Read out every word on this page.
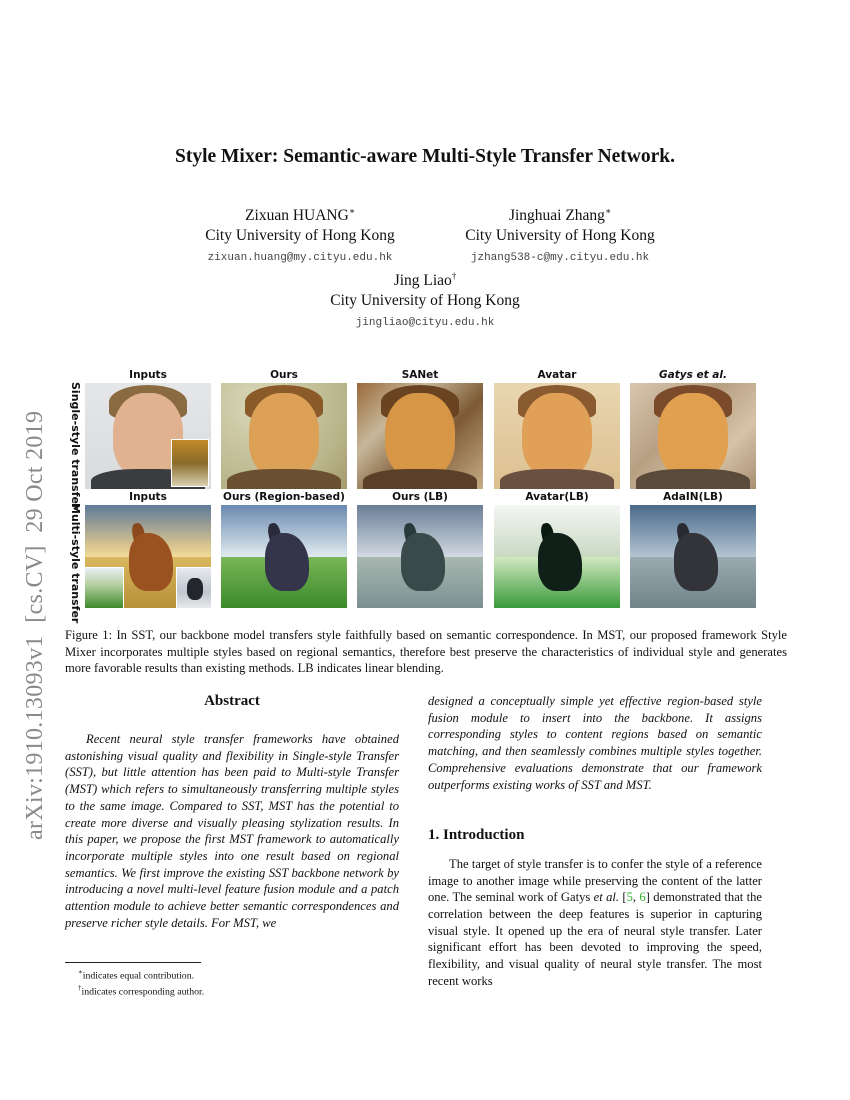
arXiv:1910.13093v1  [cs.CV]  29 Oct 2019
Style Mixer: Semantic-aware Multi-Style Transfer Network.
Zixuan HUANG∗
City University of Hong Kong
zixuan.huang@my.cityu.edu.hk
Jinghuai Zhang∗
City University of Hong Kong
jzhang538-c@my.cityu.edu.hk
Jing Liao†
City University of Hong Kong
jingliao@cityu.edu.hk
Single-style transfer
Multi-style transfer
Inputs	Ours	SANet	Avatar	Gatys et al.
Inputs	Ours (Region-based)	Ours (LB)	Avatar(LB)	AdaIN(LB)
Figure 1: In SST, our backbone model transfers style faithfully based on semantic correspondence. In MST, our proposed framework Style Mixer incorporates multiple styles based on regional semantics, therefore best preserve the characteristics of individual style and generates more favorable results than existing methods. LB indicates linear blending.
Abstract

Recent neural style transfer frameworks have obtained astonishing visual quality and flexibility in Single-style Transfer (SST), but little attention has been paid to Multi-style Transfer (MST) which refers to simultaneously transferring multiple styles to the same image. Compared to SST, MST has the potential to create more diverse and visually pleasing stylization results. In this paper, we propose the first MST framework to automatically incorporate multiple styles into one result based on regional semantics. We first improve the existing SST backbone network by introducing a novel multi-level feature fusion module and a patch attention module to achieve better semantic correspondences and preserve richer style details. For MST, we

designed a conceptually simple yet effective region-based style fusion module to insert into the backbone. It assigns corresponding styles to content regions based on semantic matching, and then seamlessly combines multiple styles together. Comprehensive evaluations demonstrate that our framework outperforms existing works of SST and MST.

1. Introduction

The target of style transfer is to confer the style of a reference image to another image while preserving the content of the latter one. The seminal work of Gatys et al. [5, 6] demonstrated that the correlation between the deep features is superior in capturing visual style. It opened up the era of neural style transfer. Later significant effort has been devoted to improving the speed, flexibility, and visual quality of neural style transfer. The most recent works

∗indicates equal contribution.
†indicates corresponding author.
